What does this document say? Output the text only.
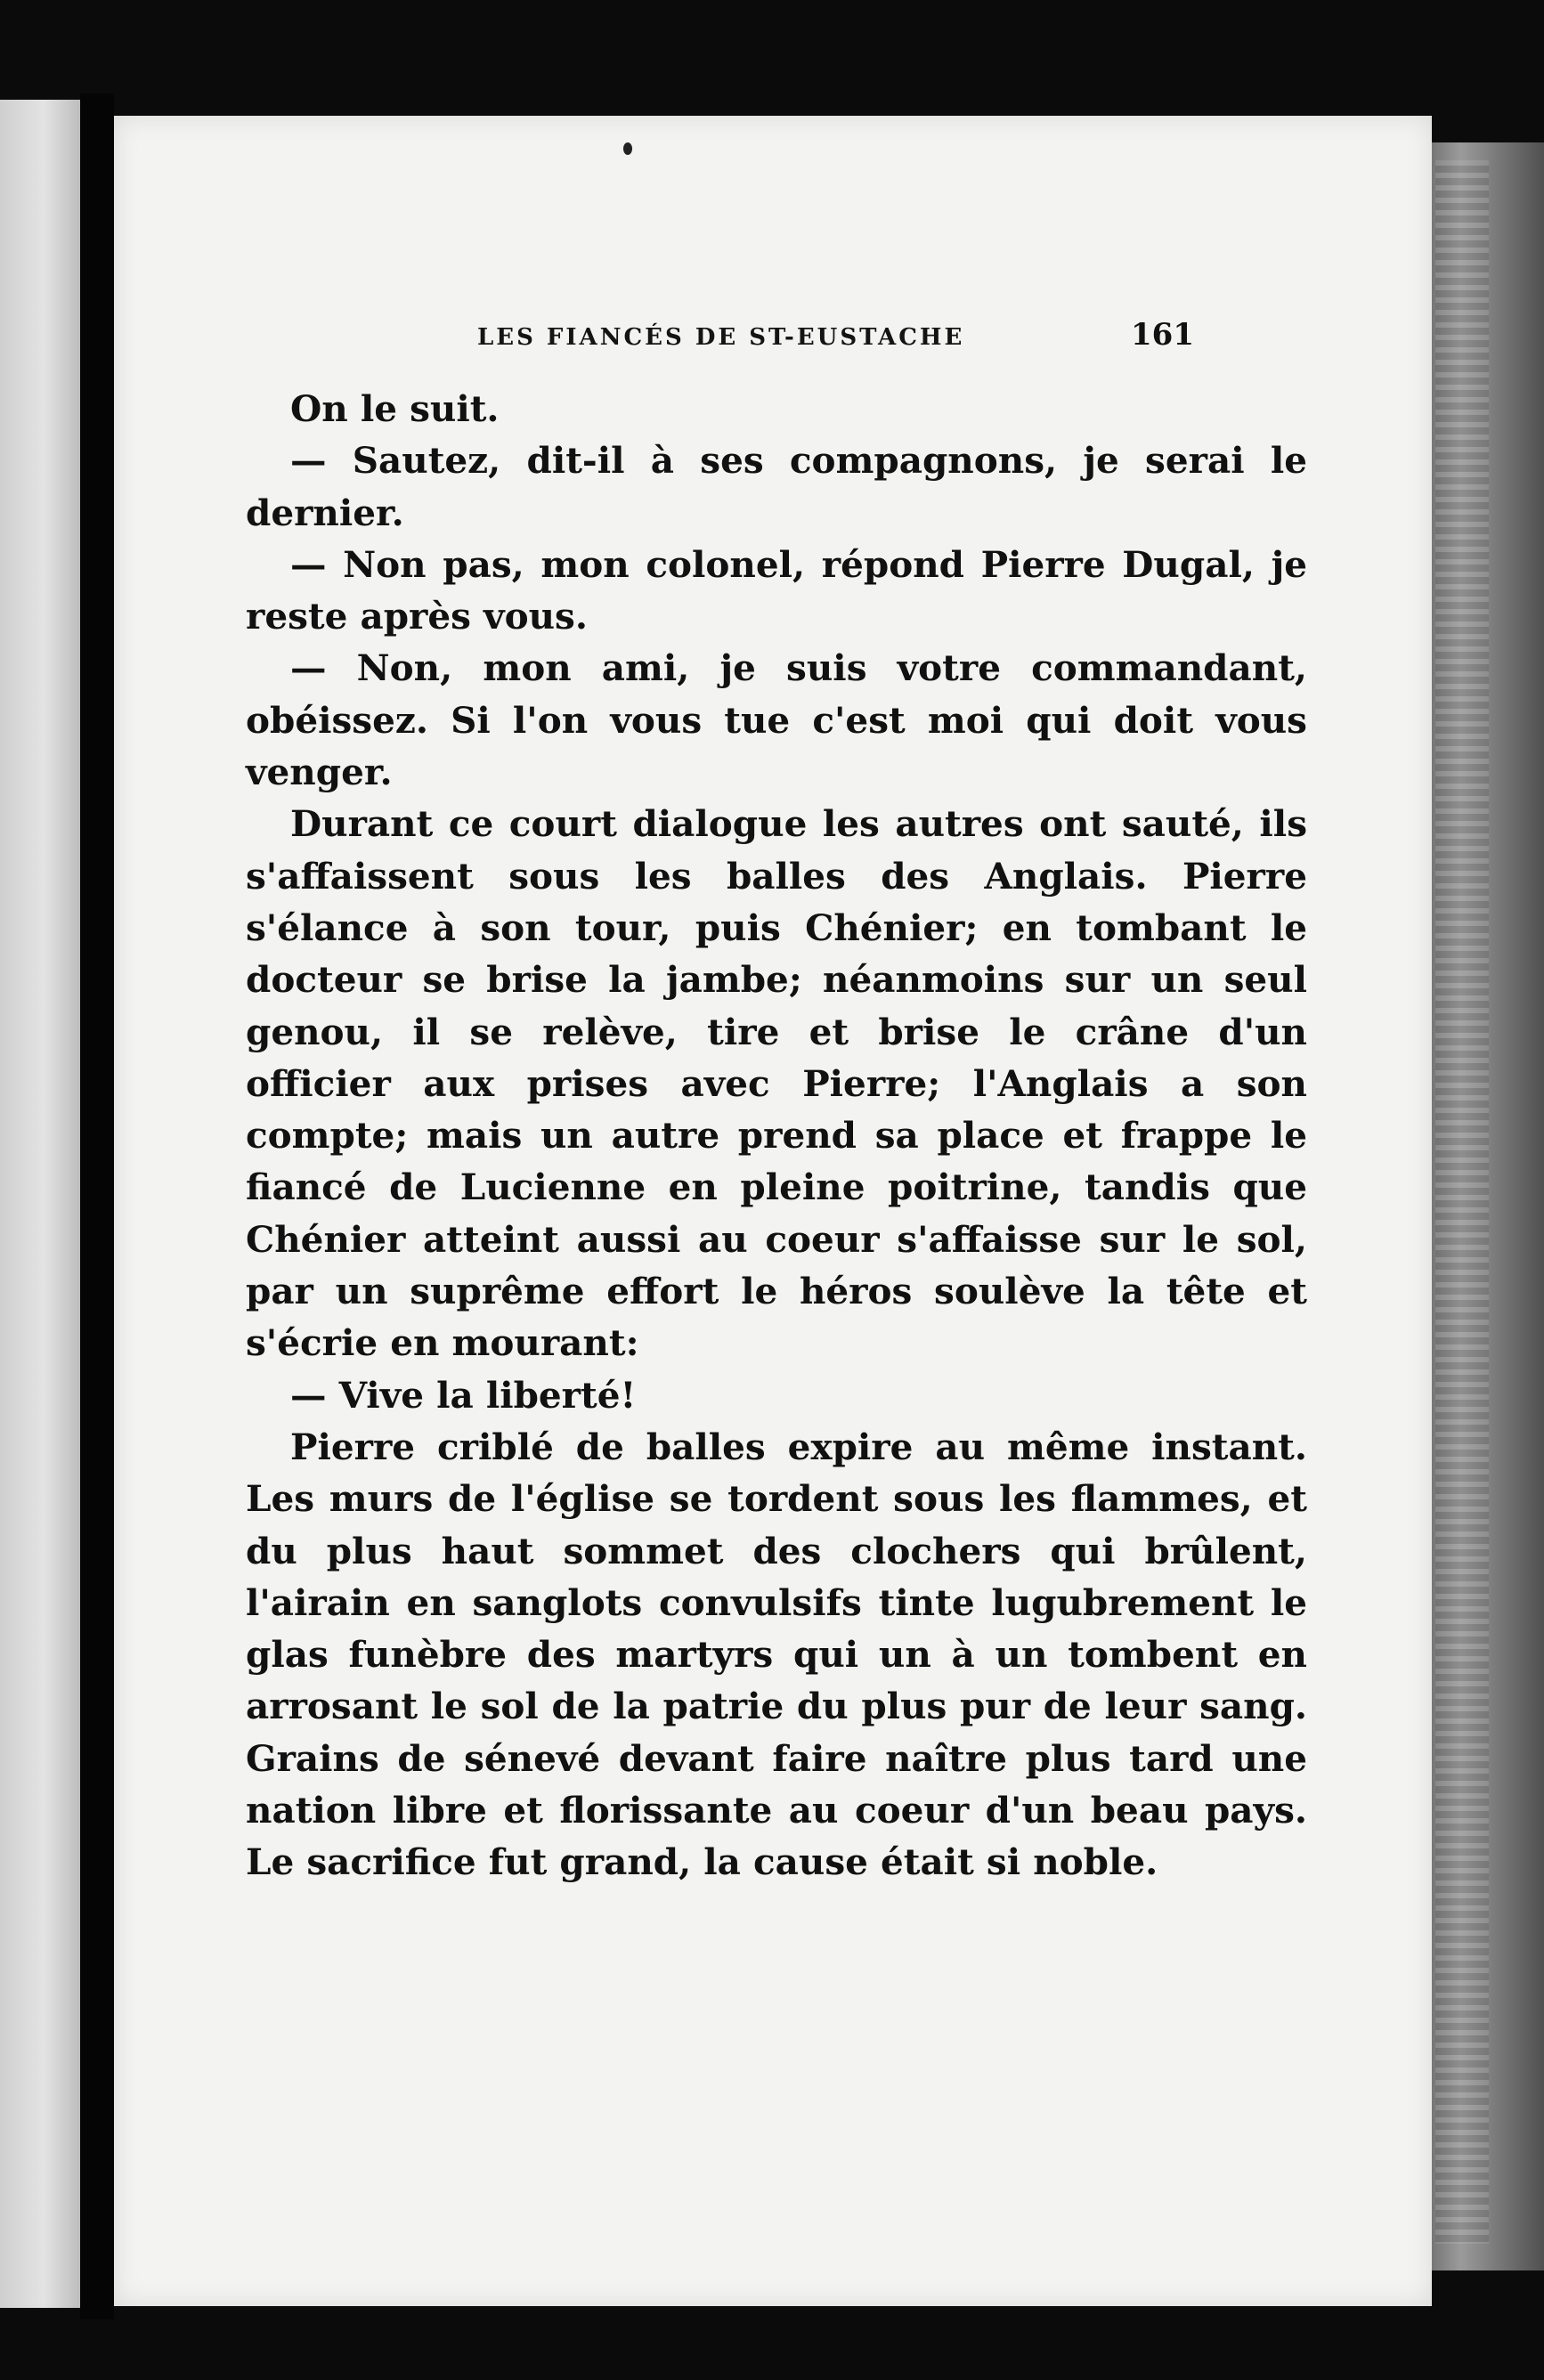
LES FIANCÉS DE ST-EUSTACHE	161

On le suit.

— Sautez, dit-il à ses compagnons, je serai le dernier.

— Non pas, mon colonel, répond Pierre Dugal, je reste après vous.

— Non, mon ami, je suis votre commandant, obéissez. Si l'on vous tue c'est moi qui doit vous venger.

Durant ce court dialogue les autres ont sauté, ils s'affaissent sous les balles des Anglais. Pierre s'élance à son tour, puis Chénier; en tombant le docteur se brise la jambe; néanmoins sur un seul genou, il se relève, tire et brise le crâne d'un officier aux prises avec Pierre; l'Anglais a son compte; mais un autre prend sa place et frappe le fiancé de Lucienne en pleine poitrine, tandis que Chénier atteint aussi au coeur s'affaisse sur le sol, par un suprême effort le héros soulève la tête et s'écrie en mourant:

— Vive la liberté!

Pierre criblé de balles expire au même instant. Les murs de l'église se tordent sous les flammes, et du plus haut sommet des clochers qui brûlent, l'airain en sanglots convulsifs tinte lugubrement le glas funèbre des martyrs qui un à un tombent en arrosant le sol de la patrie du plus pur de leur sang. Grains de sénevé devant faire naître plus tard une nation libre et florissante au coeur d'un beau pays. Le sacrifice fut grand, la cause était si noble.
